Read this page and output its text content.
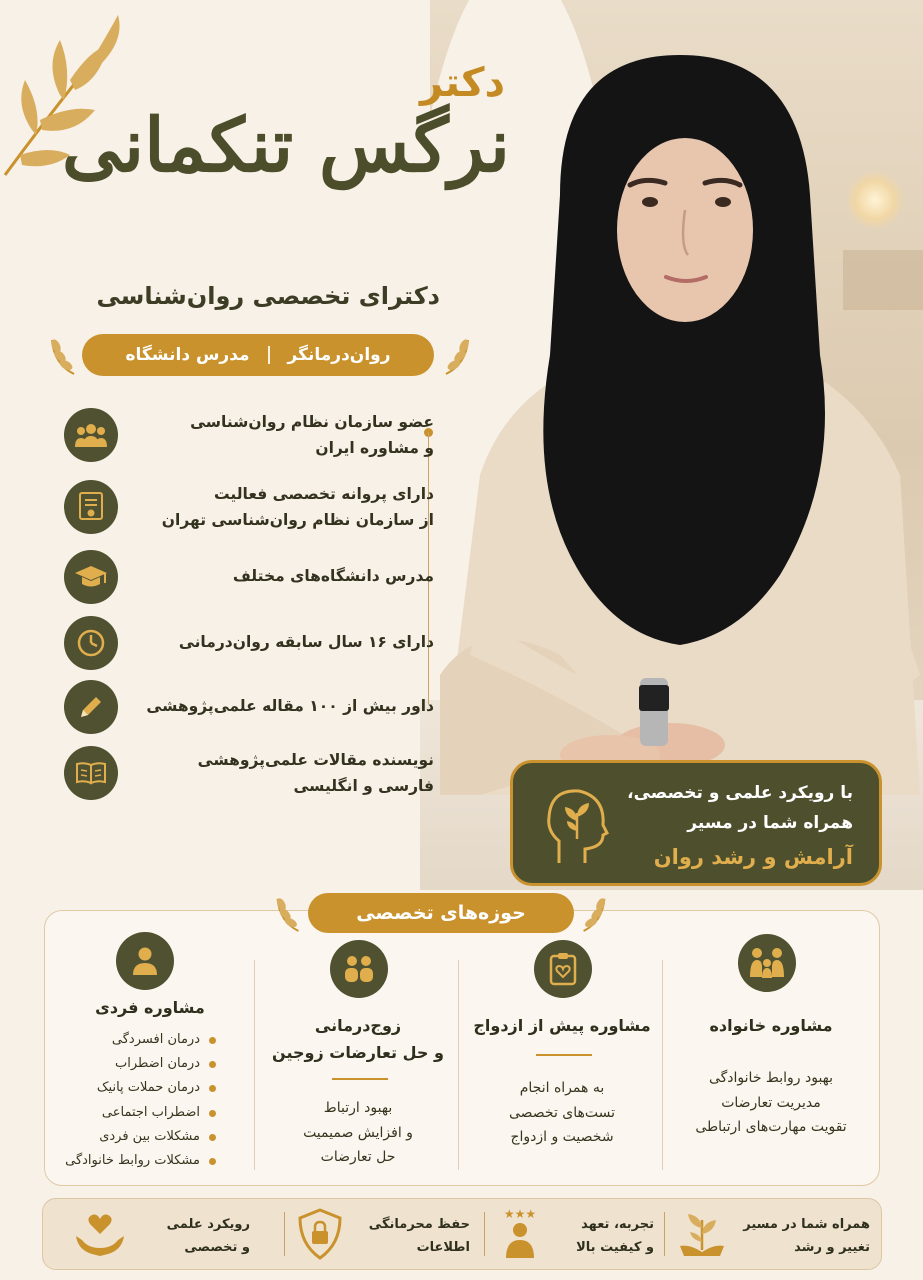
دکتر
نرگس تنکمانی
دکترای تخصصی روان‌شناسی
روان‌درمانگر
مدرس دانشگاه
عضو سازمان نظام روان‌شناسی
و مشاوره ایران
دارای پروانه تخصصی فعالیت
از سازمان نظام روان‌شناسی تهران
مدرس دانشگاه‌های مختلف
دارای ۱۶ سال سابقه روان‌درمانی
داور بیش از ۱۰۰ مقاله علمی‌پژوهشی
نویسنده مقالات علمی‌پژوهشی
فارسی و انگلیسی	با رویکرد علمی و تخصصی،
همراه شما در مسیر
آرامش و رشد روان
حوزه‌های تخصصی
مشاوره خانواده
بهبود روابط خانوادگی
مدیریت تعارضات
تقویت مهارت‌های ارتباطی
مشاوره پیش از ازدواج
به همراه انجام
تست‌های تخصصی
شخصیت و ازدواج
زوج‌درمانی
و حل تعارضات زوجین
بهبود ارتباط
و افزایش صمیمیت
حل تعارضات
مشاوره فردی
درمان افسردگی
درمان اضطراب
درمان حملات پانیک
اضطراب اجتماعی
مشکلات بین فردی
مشکلات روابط خانوادگی
همراه شما در مسیر
تغییر و رشد
★★★
تجربه، تعهد
و کیفیت بالا
حفظ محرمانگی
اطلاعات
رویکرد علمی
و تخصصی
